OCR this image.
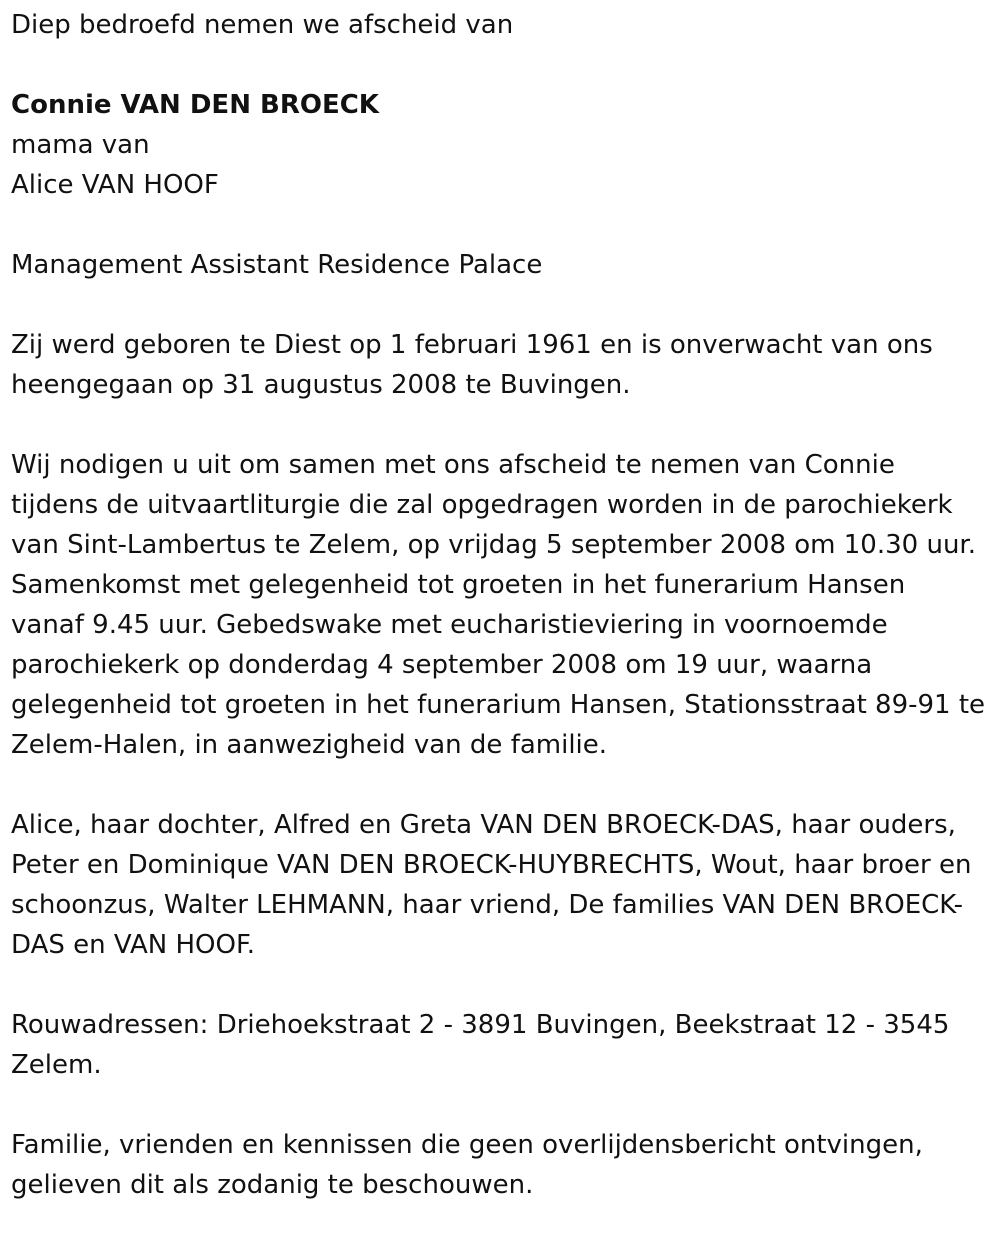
Diep bedroefd nemen we afscheid van

Connie VAN DEN BROECK

mama van

Alice VAN HOOF

Management Assistant Residence Palace

Zij werd geboren te Diest op 1 februari 1961 en is onverwacht van ons heengegaan op 31 augustus 2008 te Buvingen.

Wij nodigen u uit om samen met ons afscheid te nemen van Connie tijdens de uitvaartliturgie die zal opgedragen worden in de parochiekerk van Sint-Lambertus te Zelem, op vrijdag 5 september 2008 om 10.30 uur. Samenkomst met gelegenheid tot groeten in het funerarium Hansen vanaf 9.45 uur. Gebedswake met eucharistieviering in voornoemde parochiekerk op donderdag 4 september 2008 om 19 uur, waarna gelegenheid tot groeten in het funerarium Hansen, Stationsstraat 89-91 te Zelem-Halen, in aanwezigheid van de familie.

Alice, haar dochter, Alfred en Greta VAN DEN BROECK-DAS, haar ouders, Peter en Dominique VAN DEN BROECK-HUYBRECHTS, Wout, haar broer en schoonzus, Walter LEHMANN, haar vriend, De families VAN DEN BROECK-DAS en VAN HOOF.

Rouwadressen: Driehoekstraat 2 - 3891 Buvingen, Beekstraat 12 - 3545 Zelem.

Familie, vrienden en kennissen die geen overlijdensbericht ontvingen, gelieven dit als zodanig te beschouwen.
